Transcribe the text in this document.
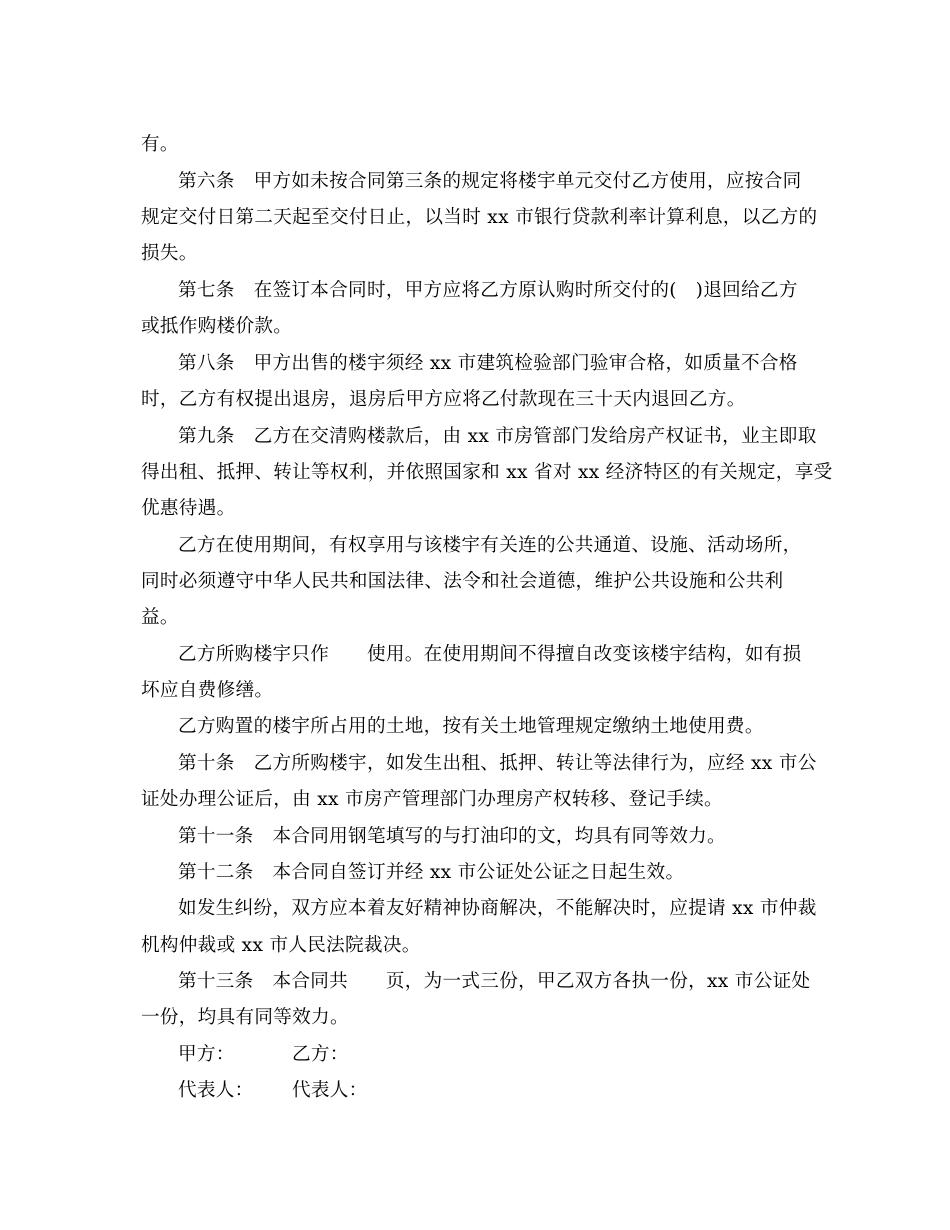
有。
第六条　甲方如未按合同第三条的规定将楼宇单元交付乙方使用，应按合同
规定交付日第二天起至交付日止，以当时 xx 市银行贷款利率计算利息，以乙方的
损失。
第七条　在签订本合同时，甲方应将乙方原认购时所交付的(　)退回给乙方
或抵作购楼价款。
第八条　甲方出售的楼宇须经 xx 市建筑检验部门验审合格，如质量不合格
时，乙方有权提出退房，退房后甲方应将乙付款现在三十天内退回乙方。
第九条　乙方在交清购楼款后，由 xx 市房管部门发给房产权证书，业主即取
得出租、抵押、转让等权利，并依照国家和 xx 省对 xx 经济特区的有关规定，享受
优惠待遇。
乙方在使用期间，有权享用与该楼宇有关连的公共通道、设施、活动场所，
同时必须遵守中华人民共和国法律、法令和社会道德，维护公共设施和公共利
益。
乙方所购楼宇只作　　使用。在使用期间不得擅自改变该楼宇结构，如有损
坏应自费修缮。
乙方购置的楼宇所占用的土地，按有关土地管理规定缴纳土地使用费。
第十条　乙方所购楼宇，如发生出租、抵押、转让等法律行为，应经 xx 市公
证处办理公证后，由 xx 市房产管理部门办理房产权转移、登记手续。
第十一条　本合同用钢笔填写的与打油印的文，均具有同等效力。
第十二条　本合同自签订并经 xx 市公证处公证之日起生效。
如发生纠纷，双方应本着友好精神协商解决，不能解决时，应提请 xx 市仲裁
机构仲裁或 xx 市人民法院裁决。
第十三条　本合同共　　页，为一式三份，甲乙双方各执一份，xx 市公证处
一份，均具有同等效力。
甲方：	乙方：
代表人： 代表人：
